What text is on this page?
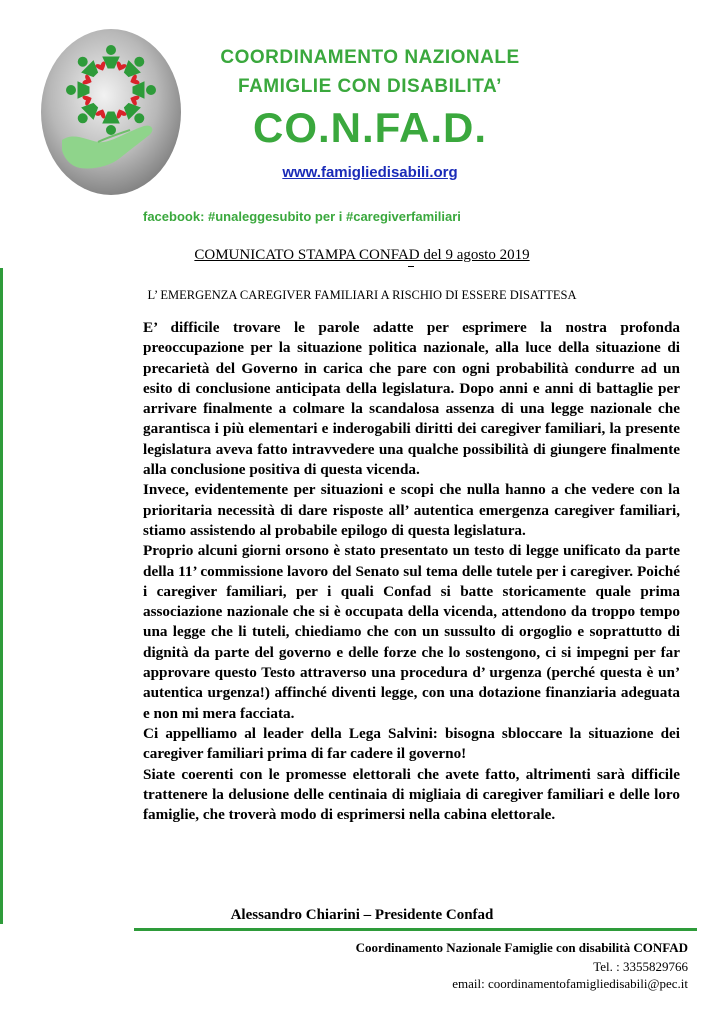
COORDINAMENTO NAZIONALE
FAMIGLIE CON DISABILITA’
CO.N.FA.D.
www.famigliedisabili.org
facebook: #unaleggesubito per i #caregiverfamiliari
COMUNICATO STAMPA CONFAD del 9 agosto 2019
L’ EMERGENZA CAREGIVER FAMILIARI A RISCHIO DI ESSERE DISATTESA

E’ difficile trovare le parole adatte per esprimere la nostra profonda preoccupazione per la situazione politica nazionale, alla luce della situazione di precarietà del Governo in carica che pare con ogni probabilità condurre ad un esito di conclusione anticipata della legislatura. Dopo anni e anni di battaglie per arrivare finalmente a colmare la scandalosa assenza di una legge nazionale che garantisca i più elementari e inderogabili diritti dei caregiver familiari, la presente legislatura aveva fatto intravvedere una qualche possibilità di giungere finalmente alla conclusione positiva di questa vicenda.

Invece, evidentemente per situazioni e scopi che nulla hanno a che vedere con la prioritaria necessità di dare risposte all’ autentica emergenza caregiver familiari, stiamo assistendo al probabile epilogo di questa legislatura.

Proprio alcuni giorni orsono è stato presentato un testo di legge unificato da parte della 11’ commissione lavoro del Senato sul tema delle tutele per i caregiver. Poiché i caregiver familiari, per i quali Confad si batte storicamente quale prima associazione nazionale che si è occupata della vicenda, attendono da troppo tempo una legge che li tuteli, chiediamo che con un sussulto di orgoglio e soprattutto di dignità da parte del governo e delle forze che lo sostengono, ci si impegni per far approvare questo Testo attraverso una procedura d’ urgenza (perché questa è un’ autentica urgenza!) affinché diventi legge, con una dotazione finanziaria adeguata e non mi mera facciata.

Ci appelliamo al leader della Lega Salvini: bisogna sbloccare la situazione dei caregiver familiari prima di far cadere il governo!

Siate coerenti con le promesse elettorali che avete fatto, altrimenti sarà difficile trattenere la delusione delle centinaia di migliaia di caregiver familiari e delle loro famiglie, che troverà modo di esprimersi nella cabina elettorale.

Alessandro Chiarini – Presidente Confad
Coordinamento Nazionale Famiglie con disabilità CONFAD
Tel. : 3355829766
email: coordinamentofamigliedisabili@pec.it
